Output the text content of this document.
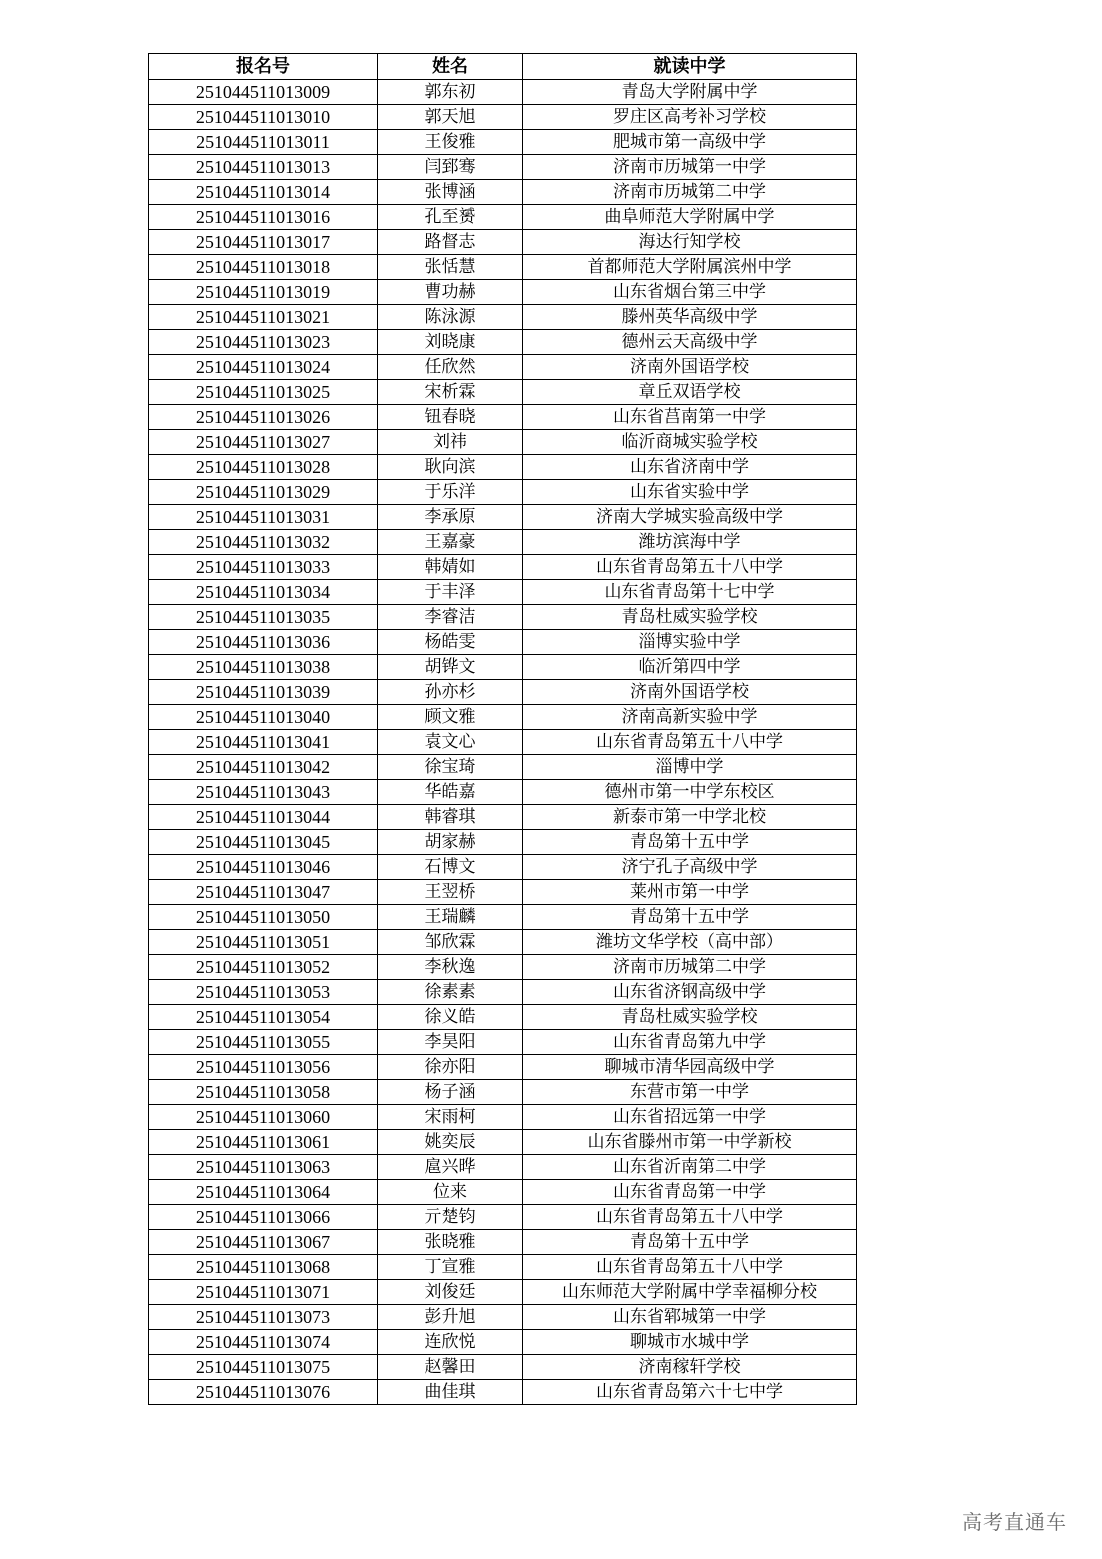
报名号	姓名	就读中学
251044511013009	郭东初	青岛大学附属中学
251044511013010	郭天旭	罗庄区高考补习学校
251044511013011	王俊雅	肥城市第一高级中学
251044511013013	闫郅骞	济南市历城第一中学
251044511013014	张博涵	济南市历城第二中学
251044511013016	孔至赟	曲阜师范大学附属中学
251044511013017	路督志	海达行知学校
251044511013018	张恬慧	首都师范大学附属滨州中学
251044511013019	曹功赫	山东省烟台第三中学
251044511013021	陈泳源	滕州英华高级中学
251044511013023	刘晓康	德州云天高级中学
251044511013024	任欣然	济南外国语学校
251044511013025	宋析霖	章丘双语学校
251044511013026	钮春晓	山东省莒南第一中学
251044511013027	刘祎	临沂商城实验学校
251044511013028	耿向滨	山东省济南中学
251044511013029	于乐洋	山东省实验中学
251044511013031	李承原	济南大学城实验高级中学
251044511013032	王嘉豪	潍坊滨海中学
251044511013033	韩婧如	山东省青岛第五十八中学
251044511013034	于丰泽	山东省青岛第十七中学
251044511013035	李睿洁	青岛杜威实验学校
251044511013036	杨皓雯	淄博实验中学
251044511013038	胡铧文	临沂第四中学
251044511013039	孙亦杉	济南外国语学校
251044511013040	顾文雅	济南高新实验中学
251044511013041	袁文心	山东省青岛第五十八中学
251044511013042	徐宝琦	淄博中学
251044511013043	华皓嘉	德州市第一中学东校区
251044511013044	韩睿琪	新泰市第一中学北校
251044511013045	胡家赫	青岛第十五中学
251044511013046	石博文	济宁孔子高级中学
251044511013047	王翌桥	莱州市第一中学
251044511013050	王瑞麟	青岛第十五中学
251044511013051	邹欣霖	潍坊文华学校（高中部）
251044511013052	李秋逸	济南市历城第二中学
251044511013053	徐素素	山东省济钢高级中学
251044511013054	徐义皓	青岛杜威实验学校
251044511013055	李昊阳	山东省青岛第九中学
251044511013056	徐亦阳	聊城市清华园高级中学
251044511013058	杨子涵	东营市第一中学
251044511013060	宋雨柯	山东省招远第一中学
251044511013061	姚奕辰	山东省滕州市第一中学新校
251044511013063	扈兴晔	山东省沂南第二中学
251044511013064	位来	山东省青岛第一中学
251044511013066	亓楚钧	山东省青岛第五十八中学
251044511013067	张晓雅	青岛第十五中学
251044511013068	丁宣雅	山东省青岛第五十八中学
251044511013071	刘俊廷	山东师范大学附属中学幸福柳分校
251044511013073	彭升旭	山东省郓城第一中学
251044511013074	连欣悦	聊城市水城中学
251044511013075	赵馨田	济南稼轩学校
251044511013076	曲佳琪	山东省青岛第六十七中学
高考直通车
